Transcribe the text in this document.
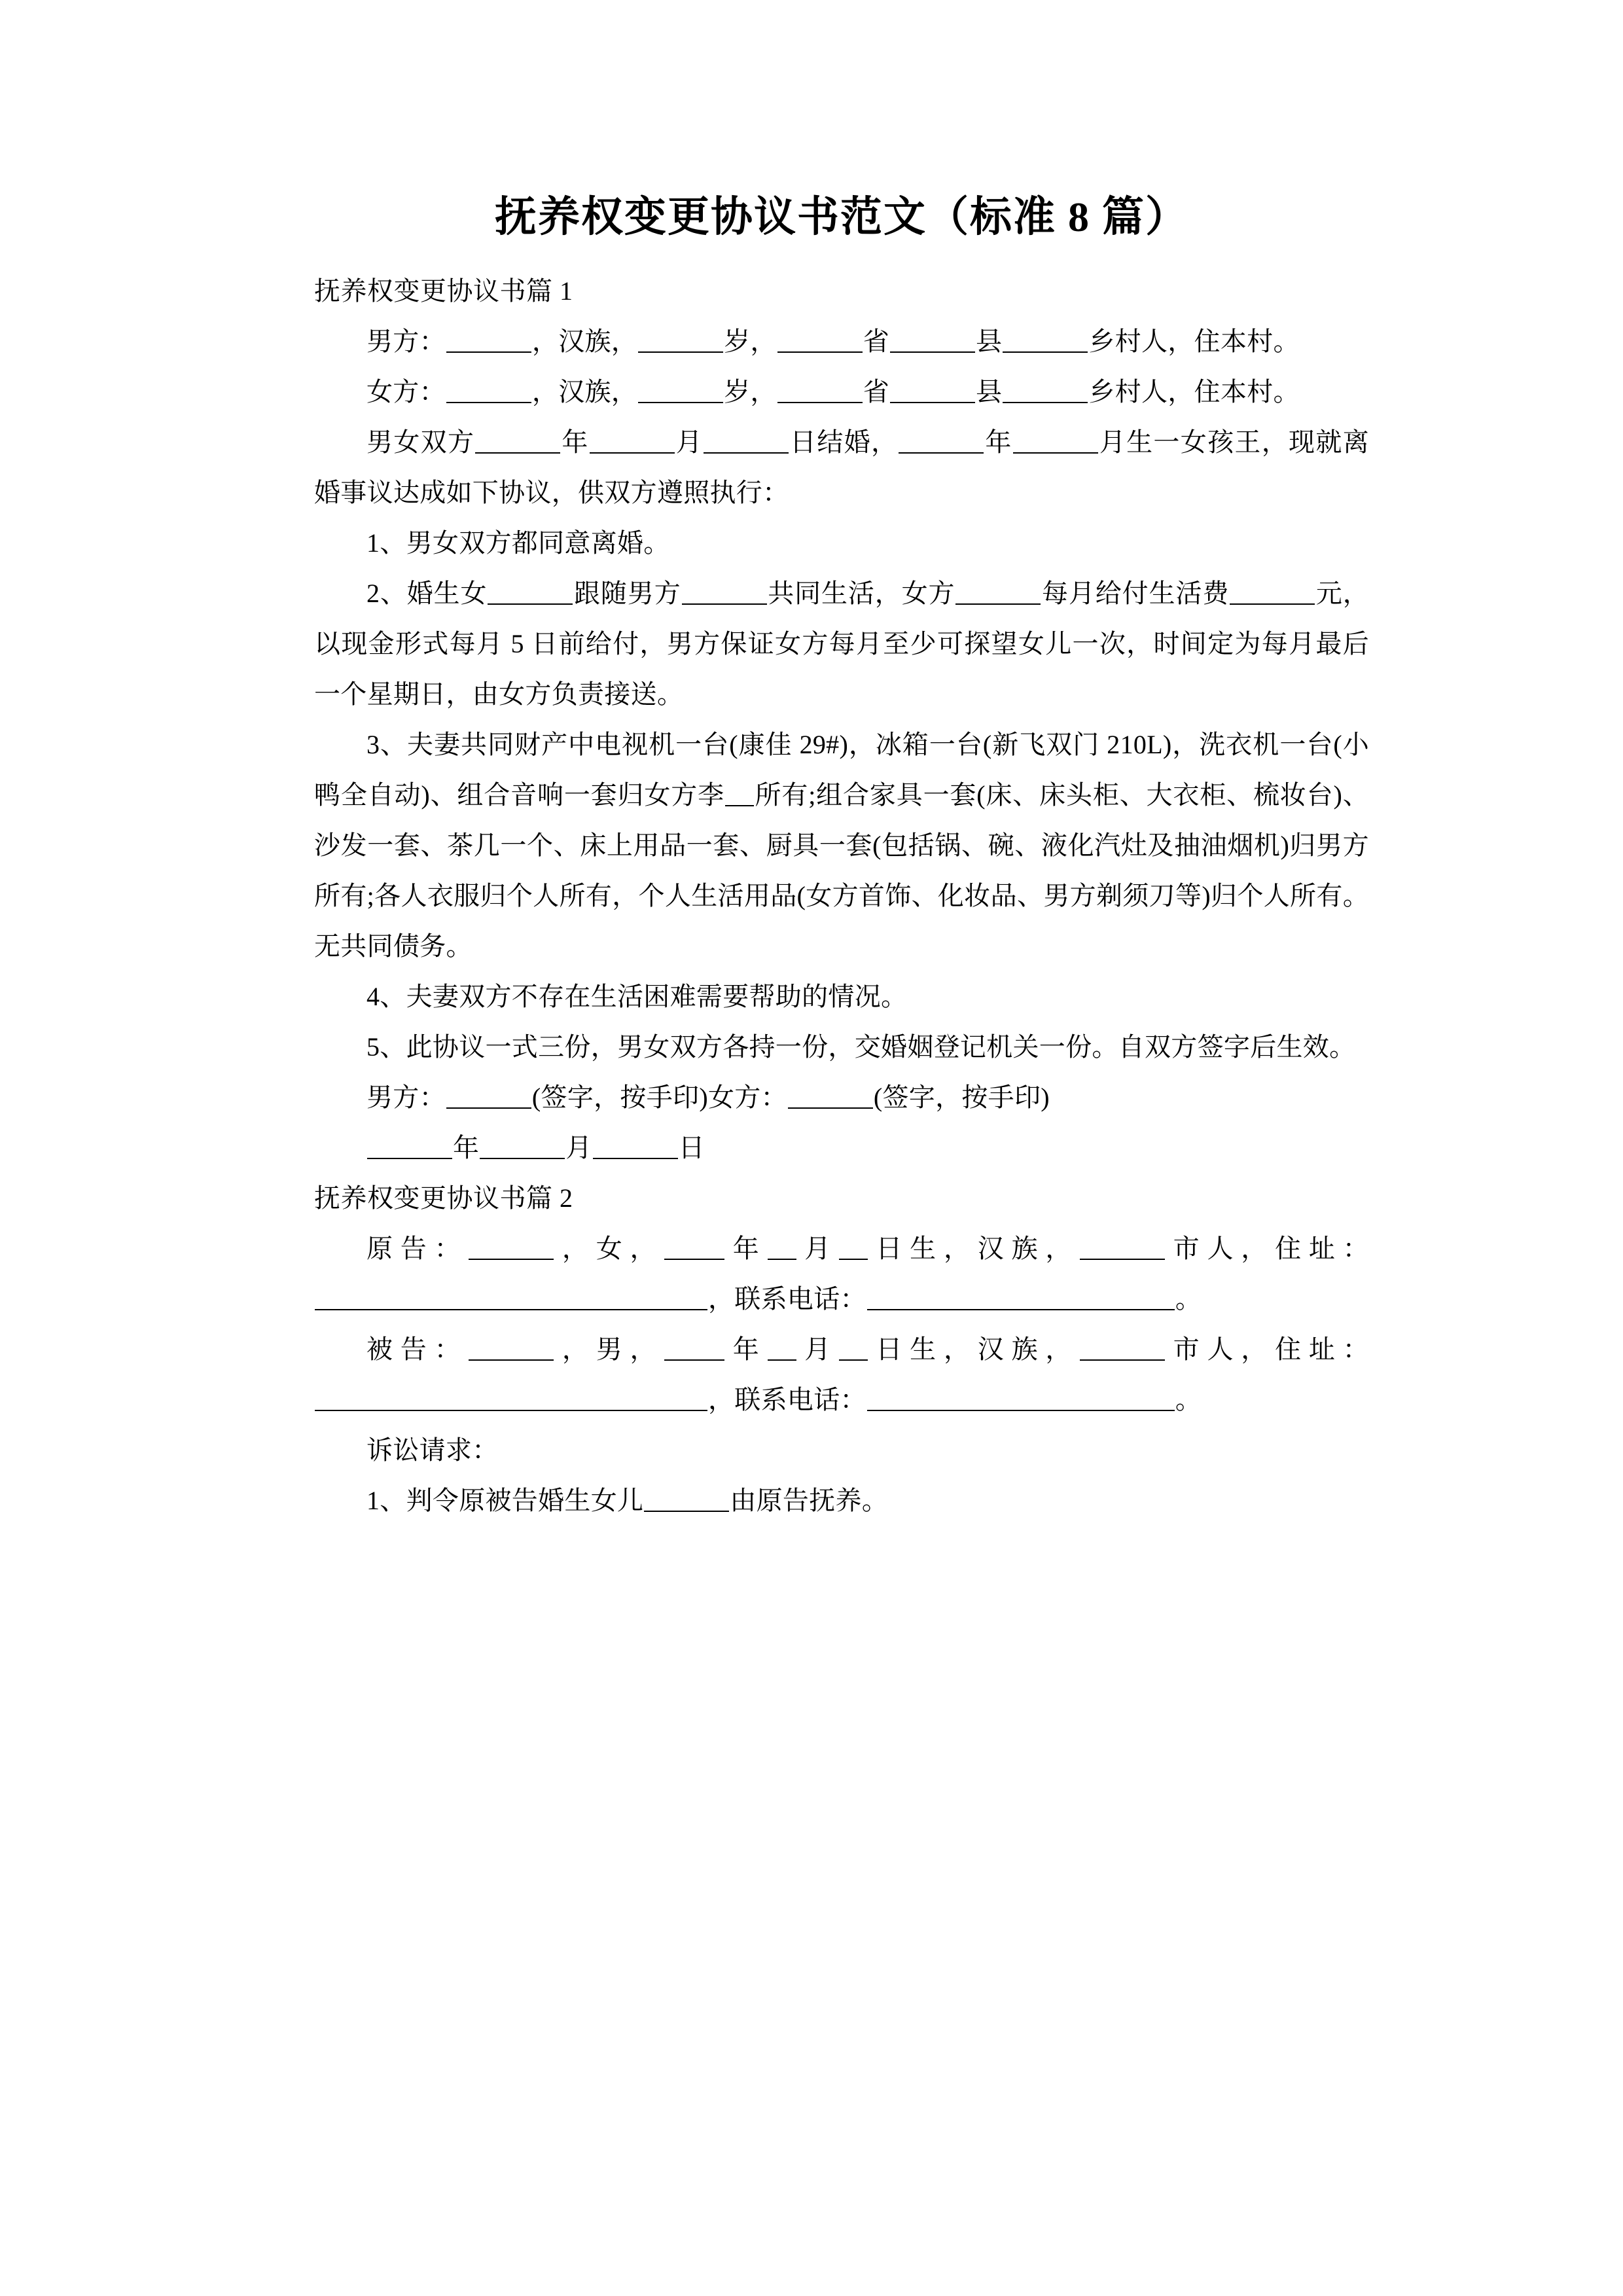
抚养权变更协议书范文（标准 8 篇）

抚养权变更协议书篇 1

男方：	，汉族，	岁，	省	县	乡村人，住本村。

女方：	，汉族，	岁，	省	县	乡村人，住本村。

男女双方	年	月	日结婚，	年	月生一女孩王，现就离婚事议达成如下协议，供双方遵照执行：

1、男女双方都同意离婚。

2、婚生女	跟随男方	共同生活，女方	每月给付生活费	元，以现金形式每月 5 日前给付，男方保证女方每月至少可探望女儿一次，时间定为每月最后一个星期日，由女方负责接送。

3、夫妻共同财产中电视机一台(康佳 29#)，冰箱一台(新飞双门 210L)，洗衣机一台(小鸭全自动)、组合音响一套归女方李 所有;组合家具一套(床、床头柜、大衣柜、梳妆台)、沙发一套、茶几一个、床上用品一套、厨具一套(包括锅、碗、液化汽灶及抽油烟机)归男方所有;各人衣服归个人所有，个人生活用品(女方首饰、化妆品、男方剃须刀等)归个人所有。无共同债务。

4、夫妻双方不存在生活困难需要帮助的情况。

5、此协议一式三份，男女双方各持一份，交婚姻登记机关一份。自双方签字后生效。

男方：	(签字，按手印)女方：	(签字，按手印)

年	月	日

抚养权变更协议书篇 2

原告：	，女， 年 月 日生，汉族，	市人，住址：，联系电话：	。

被告：	，男， 年 月 日生，汉族，	市人，住址：，联系电话：	。

诉讼请求：

1、判令原被告婚生女儿	由原告抚养。
